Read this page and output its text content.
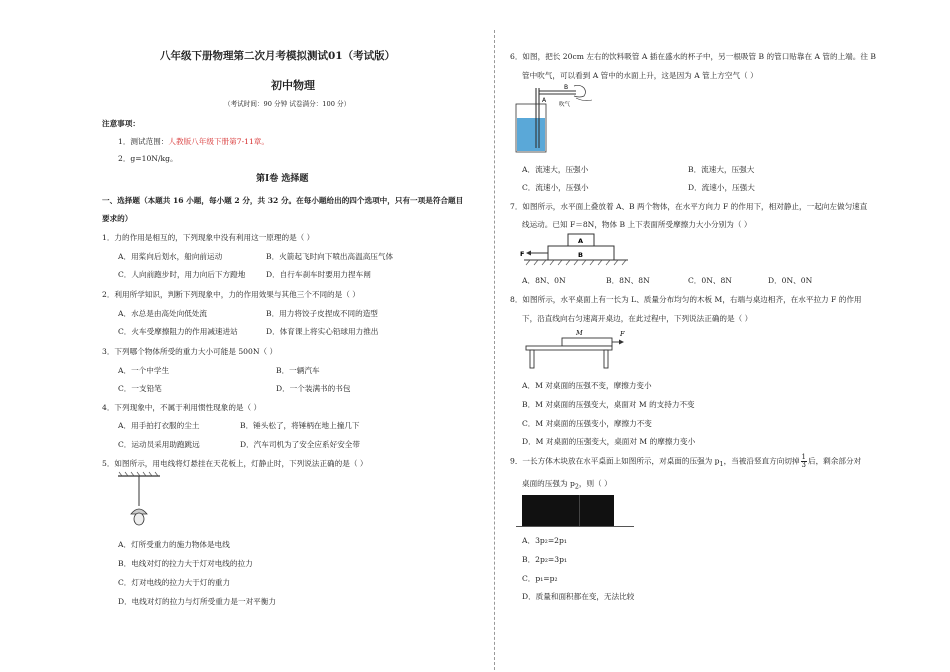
八年级下册物理第二次月考模拟测试01（考试版）
初中物理
（考试时间：90 分钟 试卷满分：100 分）
注意事项：
1．测试范围：人教版八年级下册第7-11章。
2．g=10N/kg。
第Ⅰ卷 选择题
一、选择题（本题共 16 小题，每小题 2 分，共 32 分。在每小题给出的四个选项中，只有一项是符合题目
要求的）
1．力的作用是相互的，下列现象中没有利用这一原理的是（ ）
A．用桨向后划水，船向前运动	B．火箭起飞时向下喷出高温高压气体
C．人向前跑步时，用力向后下方蹬地	D．自行车刹车时要用力捏车闸
2．利用所学知识，判断下列现象中，力的作用效果与其他三个不同的是（ ）
A．水总是由高处向低处流	B．用力将饺子皮捏成不同的造型
C．火车受摩擦阻力的作用减速进站	D．体育课上将实心铅球用力推出
3．下列哪个物体所受的重力大小可能是 500N（ ）
A．一个中学生	B．一辆汽车
C．一支铅笔	D．一个装满书的书包
4．下列现象中，不属于利用惯性现象的是（ ）
A．用手拍打衣服的尘土	B．锤头松了，将锤柄在地上撞几下
C．运动员采用助跑跳远	D．汽车司机为了安全应系好安全带
5．如图所示，用电线将灯悬挂在天花板上，灯静止时，下列说法正确的是（ ）
A．灯所受重力的施力物体是电线
B．电线对灯的拉力大于灯对电线的拉力
C．灯对电线的拉力大于灯的重力
D．电线对灯的拉力与灯所受重力是一对平衡力
6．如图，把长 20cm 左右的饮料吸管 A 插在盛水的杯子中，另一根吸管 B 的管口贴靠在 A 管的上端。往 B
管中吹气，可以看到 A 管中的水面上升，这是因为 A 管上方空气（ ）
A
B
吹气
A．流速大，压强小	B．流速大，压强大
C．流速小，压强小	D．流速小，压强大
7．如图所示，水平面上叠放着 A、B 两个物体，在水平方向力 F 的作用下，相对静止，一起向左做匀速直
线运动。已知 F＝8N，物体 B 上下表面所受摩擦力大小分别为（ ）
F
A
B
A．8N、0N	B．8N、8N	C．0N、8N	D．0N、0N
8．如图所示，水平桌面上有一长为 L、质量分布均匀的木板 M，右端与桌边相齐，在水平拉力 F 的作用
下，沿直线向右匀速离开桌边，在此过程中，下列说法正确的是（ ）
M	F
A．M 对桌面的压强不变，摩擦力变小
B．M 对桌面的压强变大，桌面对 M 的支持力不变
C．M 对桌面的压强变小，摩擦力不变
D．M 对桌面的压强变大，桌面对 M 的摩擦力变小
9．一长方体木块放在水平桌面上如图所示，对桌面的压强为 $p_1$，当被沿竖直方向切掉 $\frac{1}{3}$ 后，剩余部分对
桌面的压强为 $p_2$，则（ ）
A．3p₂=2p₁
B．2p₂=3p₁
C．p₁=p₂
D．质量和面积都在变，无法比较
